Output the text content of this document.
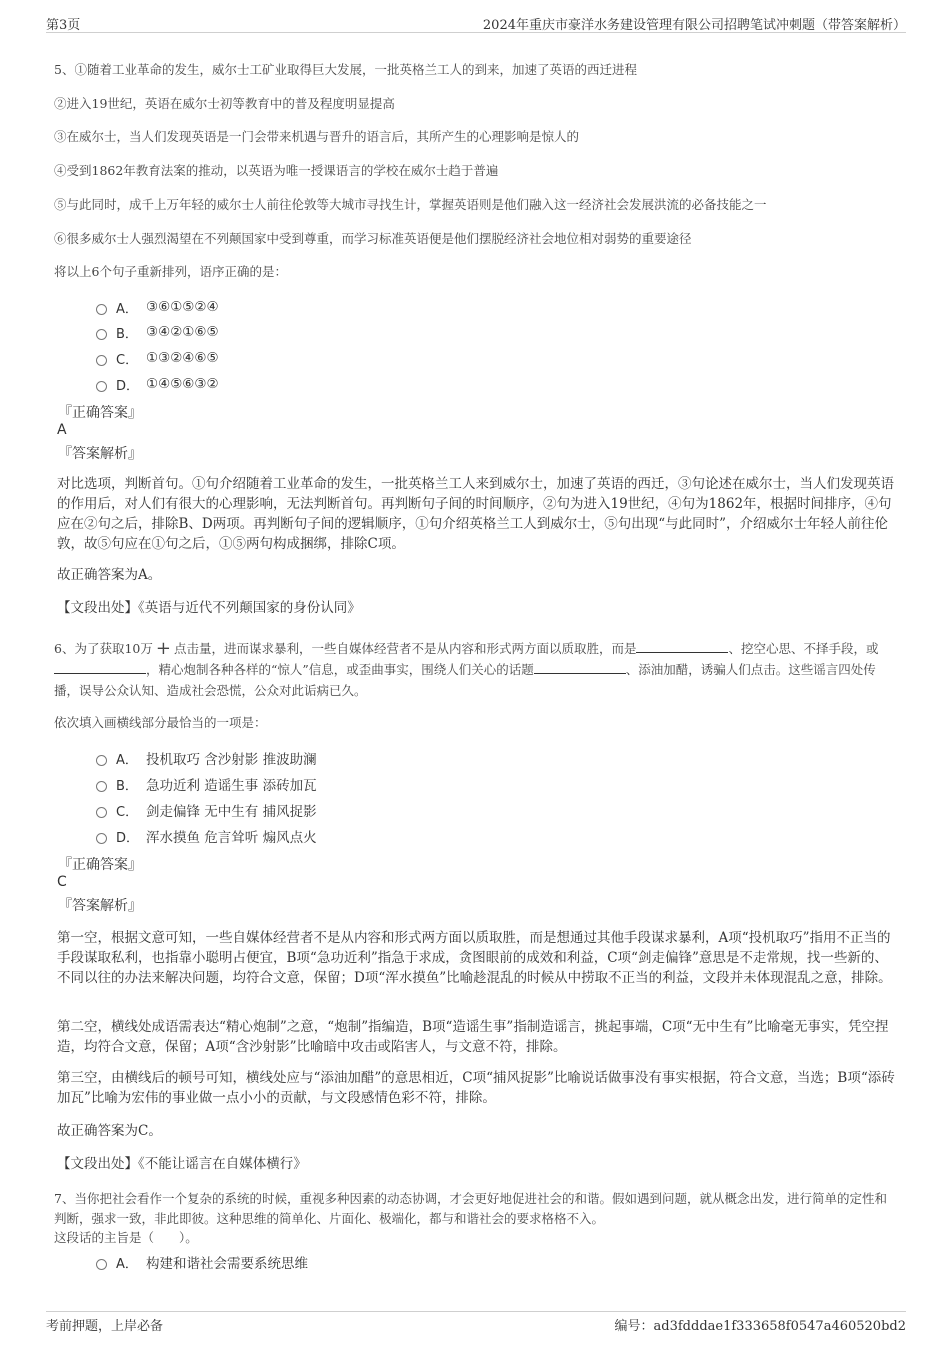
第3页	2024年重庆市豪洋水务建设管理有限公司招聘笔试冲刺题（带答案解析）
5、①随着工业革命的发生，威尔士工矿业取得巨大发展，一批英格兰工人的到来，加速了英语的西迁进程
②进入19世纪，英语在威尔士初等教育中的普及程度明显提高
③在威尔士，当人们发现英语是一门会带来机遇与晋升的语言后，其所产生的心理影响是惊人的
④受到1862年教育法案的推动，以英语为唯一授课语言的学校在威尔士趋于普遍
⑤与此同时，成千上万年轻的威尔士人前往伦敦等大城市寻找生计，掌握英语则是他们融入这一经济社会发展洪流的必备技能之一
⑥很多威尔士人强烈渴望在不列颠国家中受到尊重，而学习标准英语便是他们摆脱经济社会地位相对弱势的重要途径
将以上6个句子重新排列，语序正确的是：
A． ③⑥①⑤②④
B． ③④②①⑥⑤
C． ①③②④⑥⑤
D． ①④⑤⑥③②
『正确答案』
A
『答案解析』
对比选项，判断首句。①句介绍随着工业革命的发生，一批英格兰工人来到威尔士，加速了英语的西迁，③句论述在威尔士，当人们发现英语的作用后，对人们有很大的心理影响，无法判断首句。再判断句子间的时间顺序，②句为进入19世纪，④句为1862年，根据时间排序，④句应在②句之后，排除B、D两项。再判断句子间的逻辑顺序，①句介绍英格兰工人到威尔士，⑤句出现“与此同时”，介绍威尔士年轻人前往伦敦，故⑤句应在①句之后，①⑤两句构成捆绑，排除C项。
故正确答案为A。
【文段出处】《英语与近代不列颠国家的身份认同》
6、为了获取10万 + 点击量，进而谋求暴利，一些自媒体经营者不是从内容和形式两方面以质取胜，而是	、挖空心思、不择手段，或，精心炮制各种各样的“惊人”信息，或歪曲事实，围绕人们关心的话题	、添油加醋，诱骗人们点击。这些谣言四处传播，误导公众认知、造成社会恐慌，公众对此诟病已久。
依次填入画横线部分最恰当的一项是：
A． 投机取巧 含沙射影 推波助澜
B． 急功近利 造谣生事 添砖加瓦
C． 剑走偏锋 无中生有 捕风捉影
D． 浑水摸鱼 危言耸听 煽风点火
『正确答案』
C
『答案解析』
第一空，根据文意可知，一些自媒体经营者不是从内容和形式两方面以质取胜，而是想通过其他手段谋求暴利，A项“投机取巧”指用不正当的手段谋取私利，也指靠小聪明占便宜，B项“急功近利”指急于求成，贪图眼前的成效和利益，C项“剑走偏锋”意思是不走常规，找一些新的、不同以往的办法来解决问题，均符合文意，保留；D项“浑水摸鱼”比喻趁混乱的时候从中捞取不正当的利益，文段并未体现混乱之意，排除。
第二空，横线处成语需表达“精心炮制”之意，“炮制”指编造，B项“造谣生事”指制造谣言，挑起事端，C项“无中生有”比喻毫无事实，凭空捏造，均符合文意，保留；A项“含沙射影”比喻暗中攻击或陷害人，与文意不符，排除。
第三空，由横线后的顿号可知，横线处应与“添油加醋”的意思相近，C项“捕风捉影”比喻说话做事没有事实根据，符合文意，当选；B项“添砖加瓦”比喻为宏伟的事业做一点小小的贡献，与文段感情色彩不符，排除。
故正确答案为C。
【文段出处】《不能让谣言在自媒体横行》
7、当你把社会看作一个复杂的系统的时候，重视多种因素的动态协调，才会更好地促进社会的和谐。假如遇到问题，就从概念出发，进行简单的定性和判断，强求一致，非此即彼。这种思维的简单化、片面化、极端化，都与和谐社会的要求格格不入。
这段话的主旨是（　　）。
A． 构建和谐社会需要系统思维
考前押题，上岸必备	编号：ad3fdddae1f333658f0547a460520bd2
